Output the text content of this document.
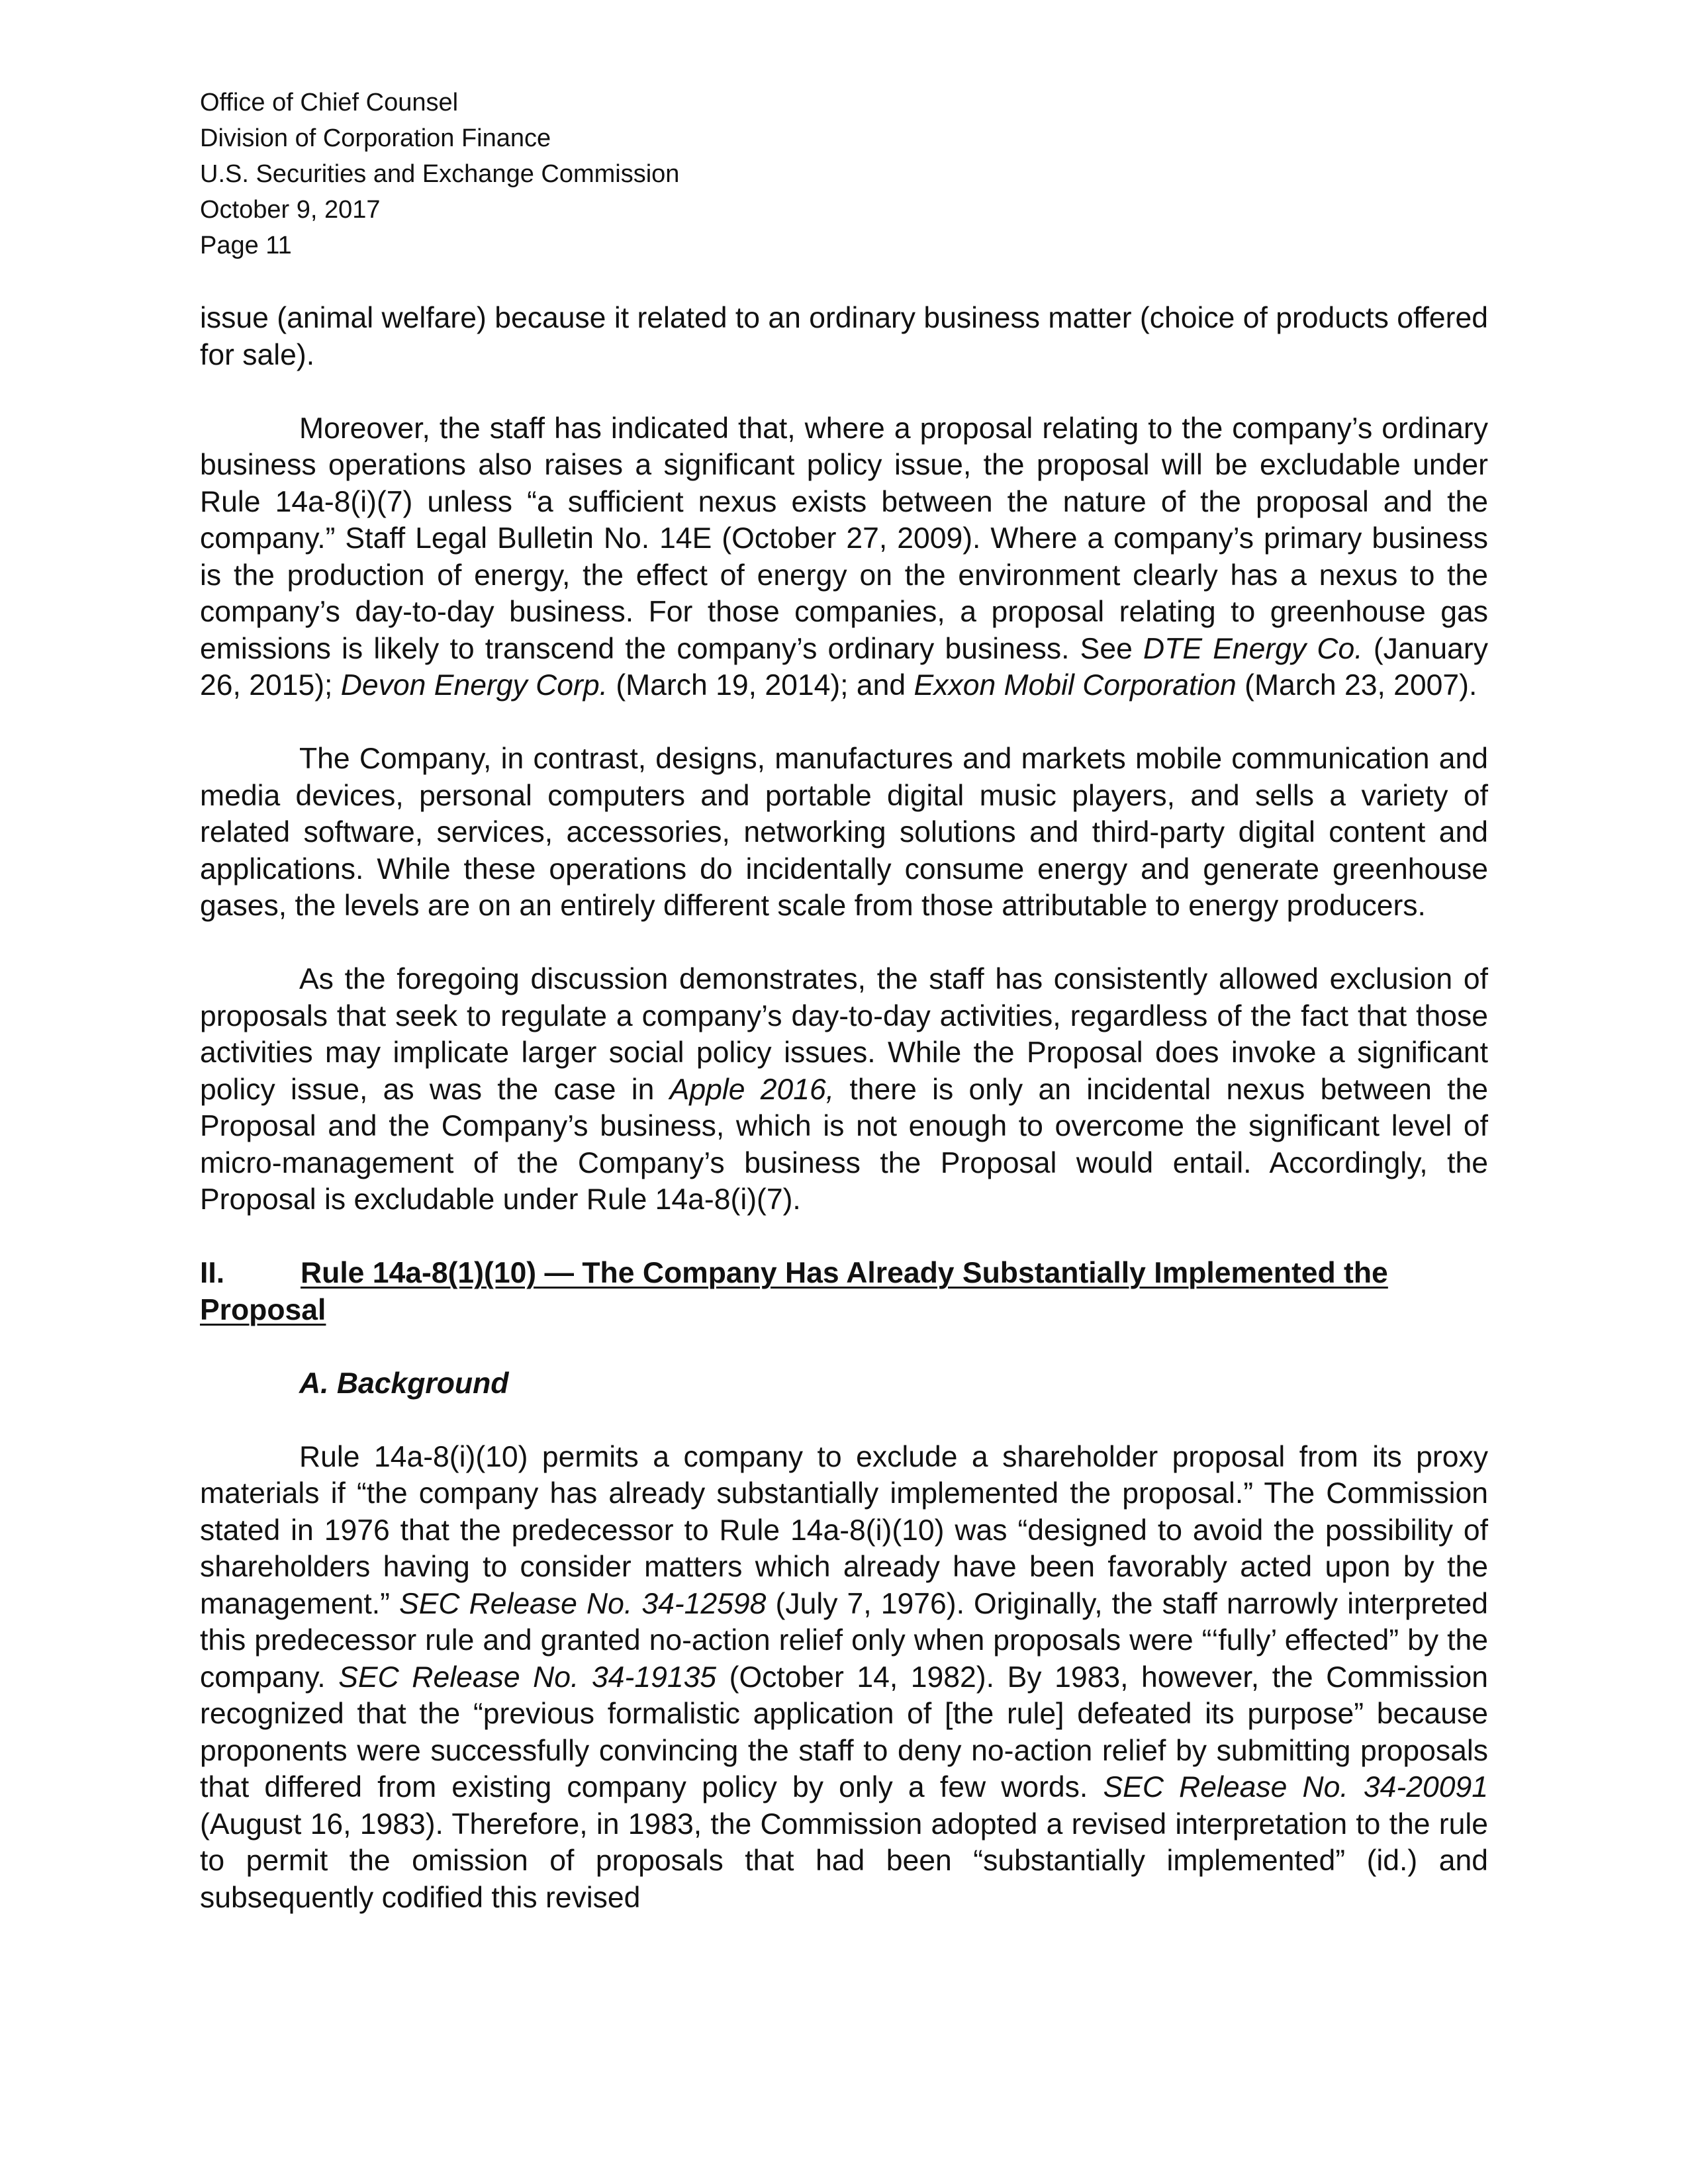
Office of Chief Counsel
Division of Corporation Finance
U.S. Securities and Exchange Commission
October 9, 2017
Page 11

issue (animal welfare) because it related to an ordinary business matter (choice of products offered for sale).

Moreover, the staff has indicated that, where a proposal relating to the company’s ordinary business operations also raises a significant policy issue, the proposal will be excludable under Rule 14a-8(i)(7) unless “a sufficient nexus exists between the nature of the proposal and the company.” Staff Legal Bulletin No. 14E (October 27, 2009). Where a company’s primary business is the production of energy, the effect of energy on the environment clearly has a nexus to the company’s day-to-day business. For those companies, a proposal relating to greenhouse gas emissions is likely to transcend the company’s ordinary business. See DTE Energy Co. (January 26, 2015); Devon Energy Corp. (March 19, 2014); and Exxon Mobil Corporation (March 23, 2007).

The Company, in contrast, designs, manufactures and markets mobile communication and media devices, personal computers and portable digital music players, and sells a variety of related software, services, accessories, networking solutions and third-party digital content and applications. While these operations do incidentally consume energy and generate greenhouse gases, the levels are on an entirely different scale from those attributable to energy producers.

As the foregoing discussion demonstrates, the staff has consistently allowed exclusion of proposals that seek to regulate a company’s day-to-day activities, regardless of the fact that those activities may implicate larger social policy issues. While the Proposal does invoke a significant policy issue, as was the case in Apple 2016, there is only an incidental nexus between the Proposal and the Company’s business, which is not enough to overcome the significant level of micro-management of the Company’s business the Proposal would entail. Accordingly, the Proposal is excludable under Rule 14a-8(i)(7).

II.	Rule 14a-8(1)(10) — The Company Has Already Substantially Implemented the
Proposal
A. Background

Rule 14a-8(i)(10) permits a company to exclude a shareholder proposal from its proxy materials if “the company has already substantially implemented the proposal.” The Commission stated in 1976 that the predecessor to Rule 14a-8(i)(10) was “designed to avoid the possibility of shareholders having to consider matters which already have been favorably acted upon by the management.” SEC Release No. 34-12598 (July 7, 1976). Originally, the staff narrowly interpreted this predecessor rule and granted no-action relief only when proposals were “‘fully’ effected” by the company. SEC Release No. 34-19135 (October 14, 1982). By 1983, however, the Commission recognized that the “previous formalistic application of [the rule] defeated its purpose” because proponents were successfully convincing the staff to deny no-action relief by submitting proposals that differed from existing company policy by only a few words. SEC Release No. 34-20091 (August 16, 1983). Therefore, in 1983, the Commission adopted a revised interpretation to the rule to permit the omission of proposals that had been “substantially implemented” (id.) and subsequently codified this revised
